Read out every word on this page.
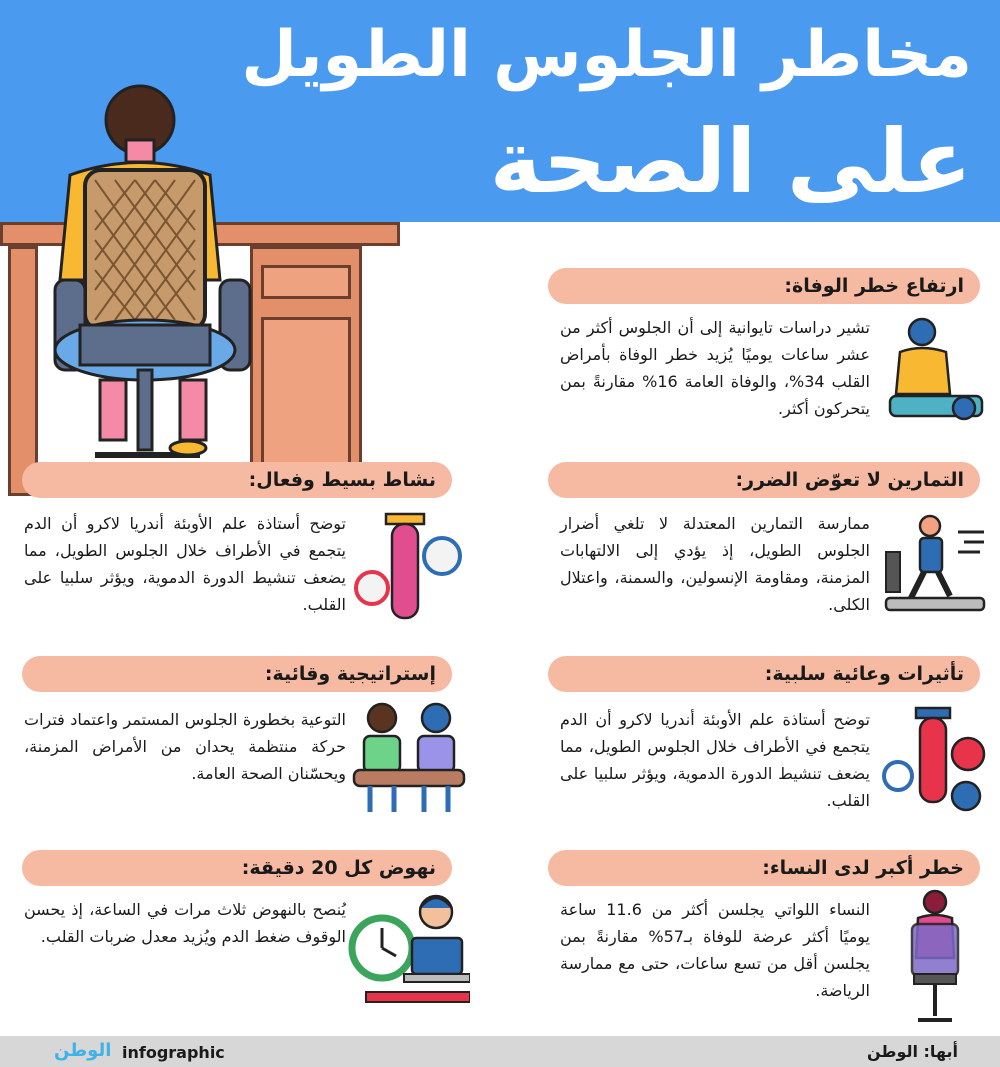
مخاطر الجلوس الطويل
على الصحة
ارتفاع خطر الوفاة:
تشير دراسات تايوانية إلى أن الجلوس أكثر من عشر ساعات يوميًا يُزيد خطر الوفاة بأمراض القلب 34%، والوفاة العامة 16% مقارنةً بمن يتحركون أكثر.
التمارين لا تعوّض الضرر:
ممارسة التمارين المعتدلة لا تلغي أضرار الجلوس الطويل، إذ يؤدي إلى الالتهابات المزمنة، ومقاومة الإنسولين، والسمنة، واعتلال الكلى.
تأثيرات وعائية سلبية:
توضح أستاذة علم الأوبئة أندريا لاكرو أن الدم يتجمع في الأطراف خلال الجلوس الطويل، مما يضعف تنشيط الدورة الدموية، ويؤثر سلبيا على القلب.
خطر أكبر لدى النساء:
النساء اللواتي يجلسن أكثر من 11.6 ساعة يوميًا أكثر عرضة للوفاة بـ57% مقارنةً بمن يجلسن أقل من تسع ساعات، حتى مع ممارسة الرياضة.
نشاط بسيط وفعال:
توضح أستاذة علم الأوبئة أندريا لاكرو أن الدم يتجمع في الأطراف خلال الجلوس الطويل، مما يضعف تنشيط الدورة الدموية، ويؤثر سلبيا على القلب.
إستراتيجية وقائية:
التوعية بخطورة الجلوس المستمر واعتماد فترات حركة منتظمة يحدان من الأمراض المزمنة، ويحسّنان الصحة العامة.
نهوض كل 20 دقيقة:
يُنصح بالنهوض ثلاث مرات في الساعة، إذ يحسن الوقوف ضغط الدم ويُزيد معدل ضربات القلب.
أبها: الوطن
الوطن infographic
